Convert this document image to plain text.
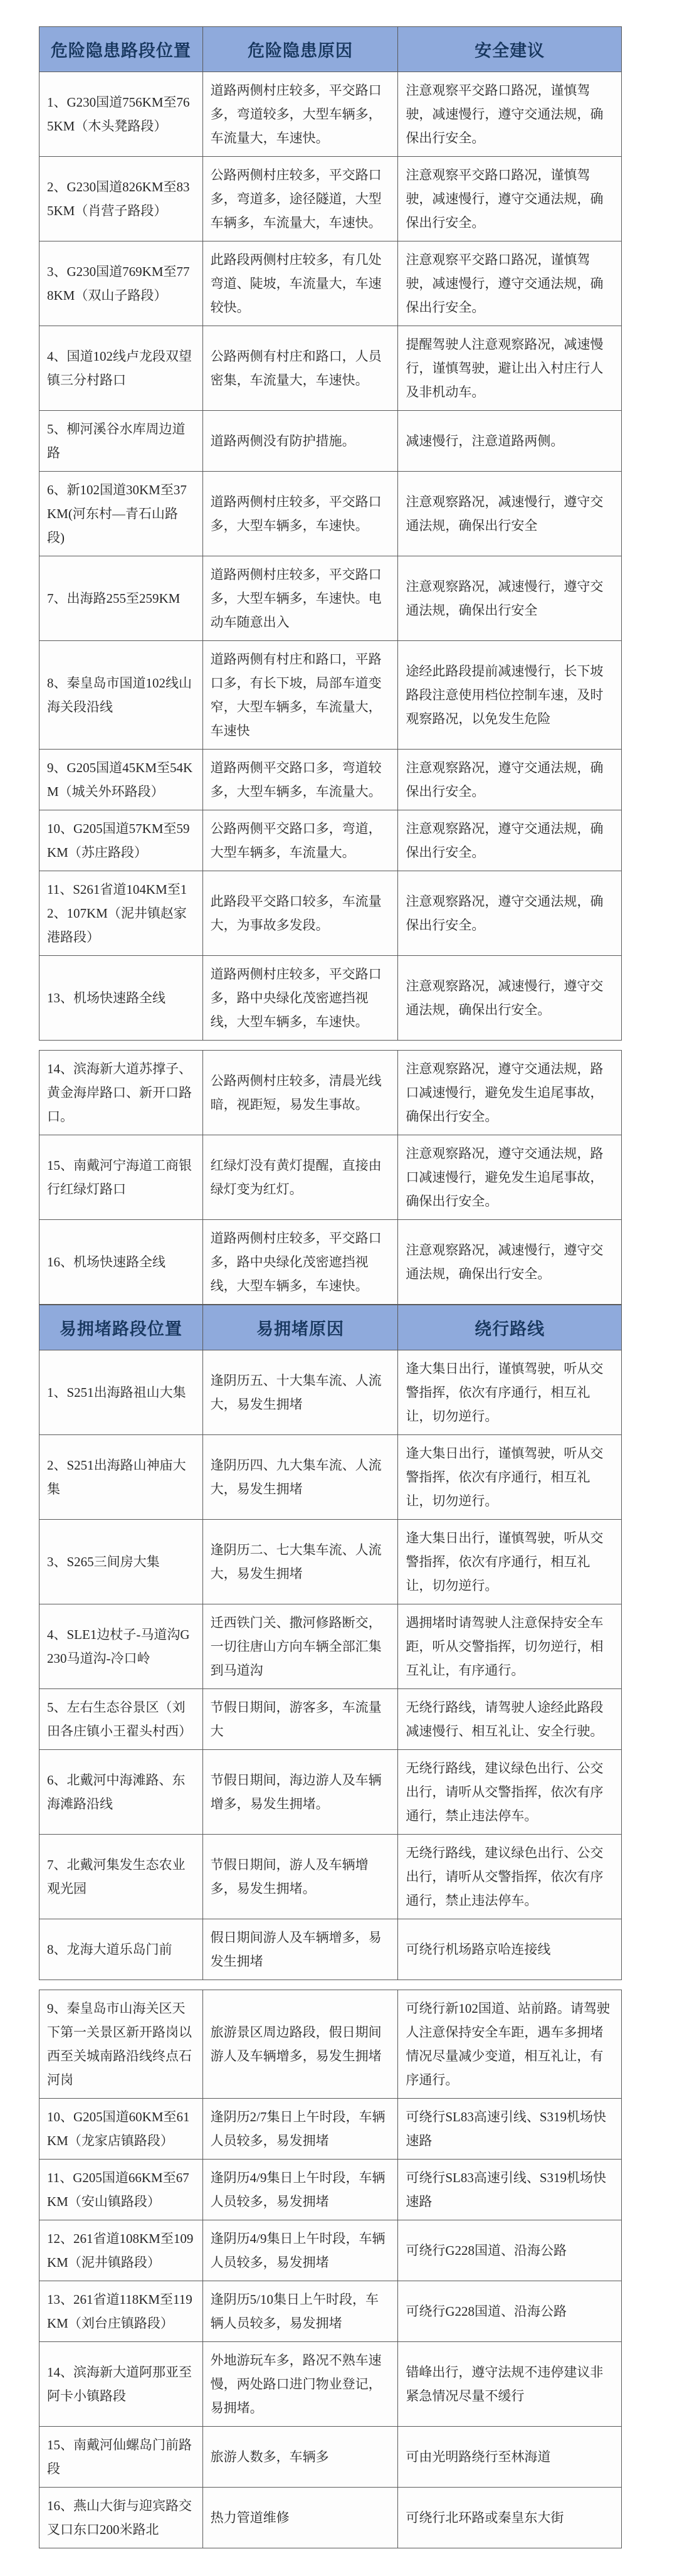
危险隐患路段位置	危险隐患原因	安全建议
1、G230国道756KM至765KM（木头凳路段）	道路两侧村庄较多，平交路口多，弯道较多，大型车辆多，车流量大，车速快。	注意观察平交路口路况，谨慎驾驶，减速慢行，遵守交通法规，确保出行安全。
2、G230国道826KM至835KM（肖营子路段）	公路两侧村庄较多，平交路口多，弯道多，途径隧道，大型车辆多，车流量大，车速快。	注意观察平交路口路况，谨慎驾驶，减速慢行，遵守交通法规，确保出行安全。
3、G230国道769KM至778KM（双山子路段）	此路段两侧村庄较多，有几处弯道、陡坡，车流量大，车速较快。	注意观察平交路口路况，谨慎驾驶，减速慢行，遵守交通法规，确保出行安全。
4、国道102线卢龙段双望镇三分村路口	公路两侧有村庄和路口，人员密集，车流量大，车速快。	提醒驾驶人注意观察路况，减速慢行，谨慎驾驶，避让出入村庄行人及非机动车。
5、柳河溪谷水库周边道路	道路两侧没有防护措施。	减速慢行，注意道路两侧。
6、新102国道30KM至37KM(河东村—青石山路段)	道路两侧村庄较多，平交路口多，大型车辆多，车速快。	注意观察路况，减速慢行，遵守交通法规，确保出行安全
7、出海路255至259KM	道路两侧村庄较多，平交路口多，大型车辆多，车速快。电动车随意出入	注意观察路况，减速慢行，遵守交通法规，确保出行安全
8、秦皇岛市国道102线山海关段沿线	道路两侧有村庄和路口，平路口多，有长下坡，局部车道变窄，大型车辆多，车流量大，车速快	途经此路段提前减速慢行，长下坡路段注意使用档位控制车速，及时观察路况，以免发生危险
9、G205国道45KM至54KM（城关外环路段）	道路两侧平交路口多，弯道较多，大型车辆多，车流量大。	注意观察路况，遵守交通法规，确保出行安全。
10、G205国道57KM至59KM（苏庄路段）	公路两侧平交路口多，弯道，大型车辆多，车流量大。	注意观察路况，遵守交通法规，确保出行安全。
11、S261省道104KM至12、107KM（泥井镇赵家港路段）	此路段平交路口较多，车流量大，为事故多发段。	注意观察路况，遵守交通法规，确保出行安全。
13、机场快速路全线	道路两侧村庄较多，平交路口多，路中央绿化茂密遮挡视线，大型车辆多，车速快。	注意观察路况，减速慢行，遵守交通法规，确保出行安全。
14、滨海新大道苏撑子、黄金海岸路口、新开口路口。	公路两侧村庄较多，清晨光线暗，视距短，易发生事故。	注意观察路况，遵守交通法规，路口减速慢行，避免发生追尾事故，确保出行安全。
15、南戴河宁海道工商银行红绿灯路口	红绿灯没有黄灯提醒，直接由绿灯变为红灯。	注意观察路况，遵守交通法规，路口减速慢行，避免发生追尾事故，确保出行安全。
16、机场快速路全线	道路两侧村庄较多，平交路口多，路中央绿化茂密遮挡视线，大型车辆多，车速快。	注意观察路况，减速慢行，遵守交通法规，确保出行安全。
易拥堵路段位置	易拥堵原因	绕行路线
1、S251出海路祖山大集	逢阴历五、十大集车流、人流大，易发生拥堵	逢大集日出行，谨慎驾驶，听从交警指挥，依次有序通行，相互礼让，切勿逆行。
2、S251出海路山神庙大集	逢阴历四、九大集车流、人流大，易发生拥堵	逢大集日出行，谨慎驾驶，听从交警指挥，依次有序通行，相互礼让，切勿逆行。
3、S265三间房大集	逢阴历二、七大集车流、人流大，易发生拥堵	逢大集日出行，谨慎驾驶，听从交警指挥，依次有序通行，相互礼让，切勿逆行。
4、SLE1边杖子-马道沟G230马道沟-冷口岭	迁西铁门关、撒河修路断交，一切往唐山方向车辆全部汇集到马道沟	遇拥堵时请驾驶人注意保持安全车距，听从交警指挥，切勿逆行，相互礼让，有序通行。
5、左右生态谷景区（刘田各庄镇小王翟头村西）	节假日期间，游客多，车流量大	无绕行路线，请驾驶人途经此路段减速慢行、相互礼让、安全行驶。
6、北戴河中海滩路、东海滩路沿线	节假日期间，海边游人及车辆增多，易发生拥堵。	无绕行路线，建议绿色出行、公交出行，请听从交警指挥，依次有序通行，禁止违法停车。
7、北戴河集发生态农业观光园	节假日期间，游人及车辆增多，易发生拥堵。	无绕行路线，建议绿色出行、公交出行，请听从交警指挥，依次有序通行，禁止违法停车。
8、龙海大道乐岛门前	假日期间游人及车辆增多，易发生拥堵	可绕行机场路京哈连接线
9、秦皇岛市山海关区天下第一关景区新开路岗以西至关城南路沿线终点石河岗	旅游景区周边路段，假日期间游人及车辆增多，易发生拥堵	可绕行新102国道、站前路。请驾驶人注意保持安全车距，遇车多拥堵情况尽量减少变道，相互礼让，有序通行。
10、G205国道60KM至61KM（龙家店镇路段）	逢阴历2/7集日上午时段，车辆人员较多，易发拥堵	可绕行SL83高速引线、S319机场快速路
11、G205国道66KM至67KM（安山镇路段）	逢阴历4/9集日上午时段，车辆人员较多，易发拥堵	可绕行SL83高速引线、S319机场快速路
12、261省道108KM至109KM（泥井镇路段）	逢阴历4/9集日上午时段，车辆人员较多，易发拥堵	可绕行G228国道、沿海公路
13、261省道118KM至119KM（刘台庄镇路段）	逢阴历5/10集日上午时段，车辆人员较多，易发拥堵	可绕行G228国道、沿海公路
14、滨海新大道阿那亚至阿卡小镇路段	外地游玩车多，路况不熟车速慢，两处路口进门物业登记，易拥堵。	错峰出行，遵守法规不违停建议非紧急情况尽量不缓行
15、南戴河仙螺岛门前路段	旅游人数多，车辆多	可由光明路绕行至林海道
16、燕山大街与迎宾路交叉口东口200米路北	热力管道维修	可绕行北环路或秦皇东大街
